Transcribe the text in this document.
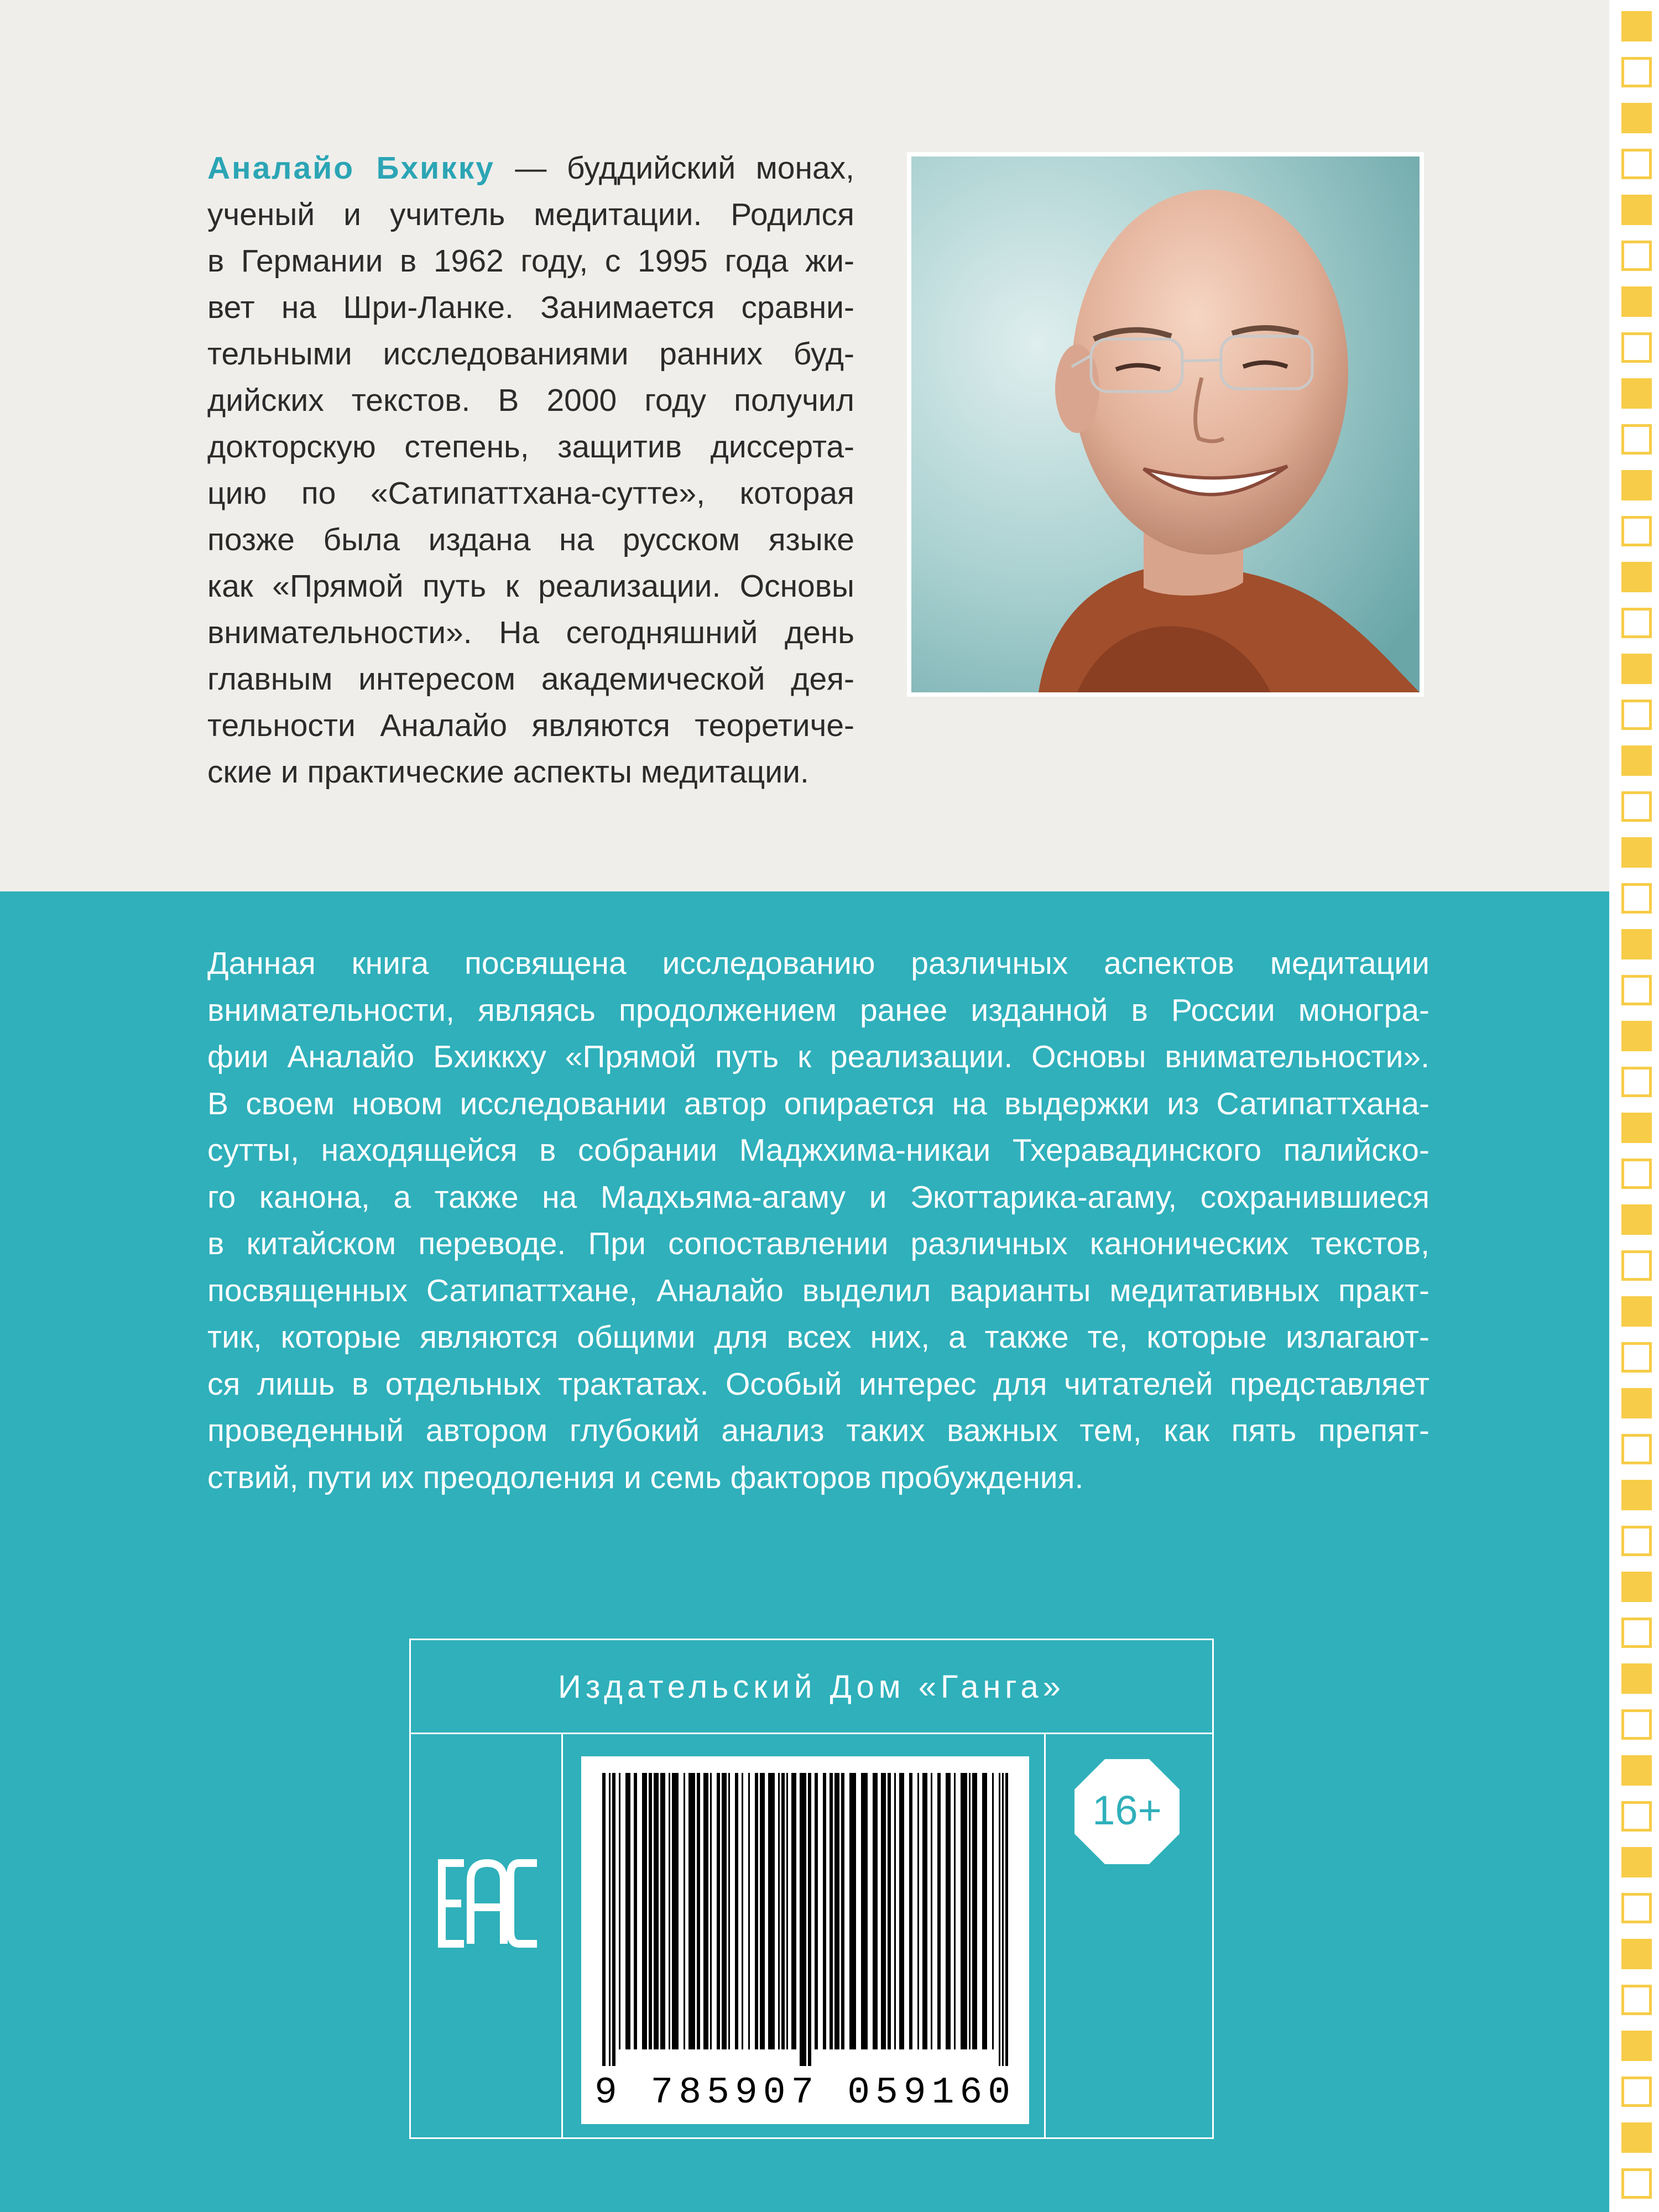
Аналайо Бхикку — буддийский монах,
ученый и учитель медитации. Родился
в Германии в 1962 году, с 1995 года жи-
вет на Шри-Ланке. Занимается сравни-
тельными исследованиями ранних буд-
дийских текстов. В 2000 году получил
докторскую степень, защитив диссерта-
цию по «Сатипаттхана-сутте», которая
позже была издана на русском языке
как «Прямой путь к реализации. Основы
внимательности». На сегодняшний день
главным интересом академической дея-
тельности Аналайо являются теоретиче-
ские и практические аспекты медитации.
Данная книга посвящена исследованию различных аспектов медитации
внимательности, являясь продолжением ранее изданной в России моногра-
фии Аналайо Бхиккху «Прямой путь к реализации. Основы внимательности».
В своем новом исследовании автор опирается на выдержки из Сатипаттхана-
сутты, находящейся в собрании Маджхима-никаи Тхеравадинского палийско-
го канона, а также на Мадхьяма-агаму и Экоттарика-агаму, сохранившиеся
в китайском переводе. При сопоставлении различных канонических текстов,
посвященных Сатипаттхане, Аналайо выделил варианты медитативных практ-
тик, которые являются общими для всех них, а также те, которые излагают-
ся лишь в отдельных трактатах. Особый интерес для читателей представляет
проведенный автором глубокий анализ таких важных тем, как пять препят-
ствий, пути их преодоления и семь факторов пробуждения.
Издательский Дом «Ганга»
9 785907 059160
16+
